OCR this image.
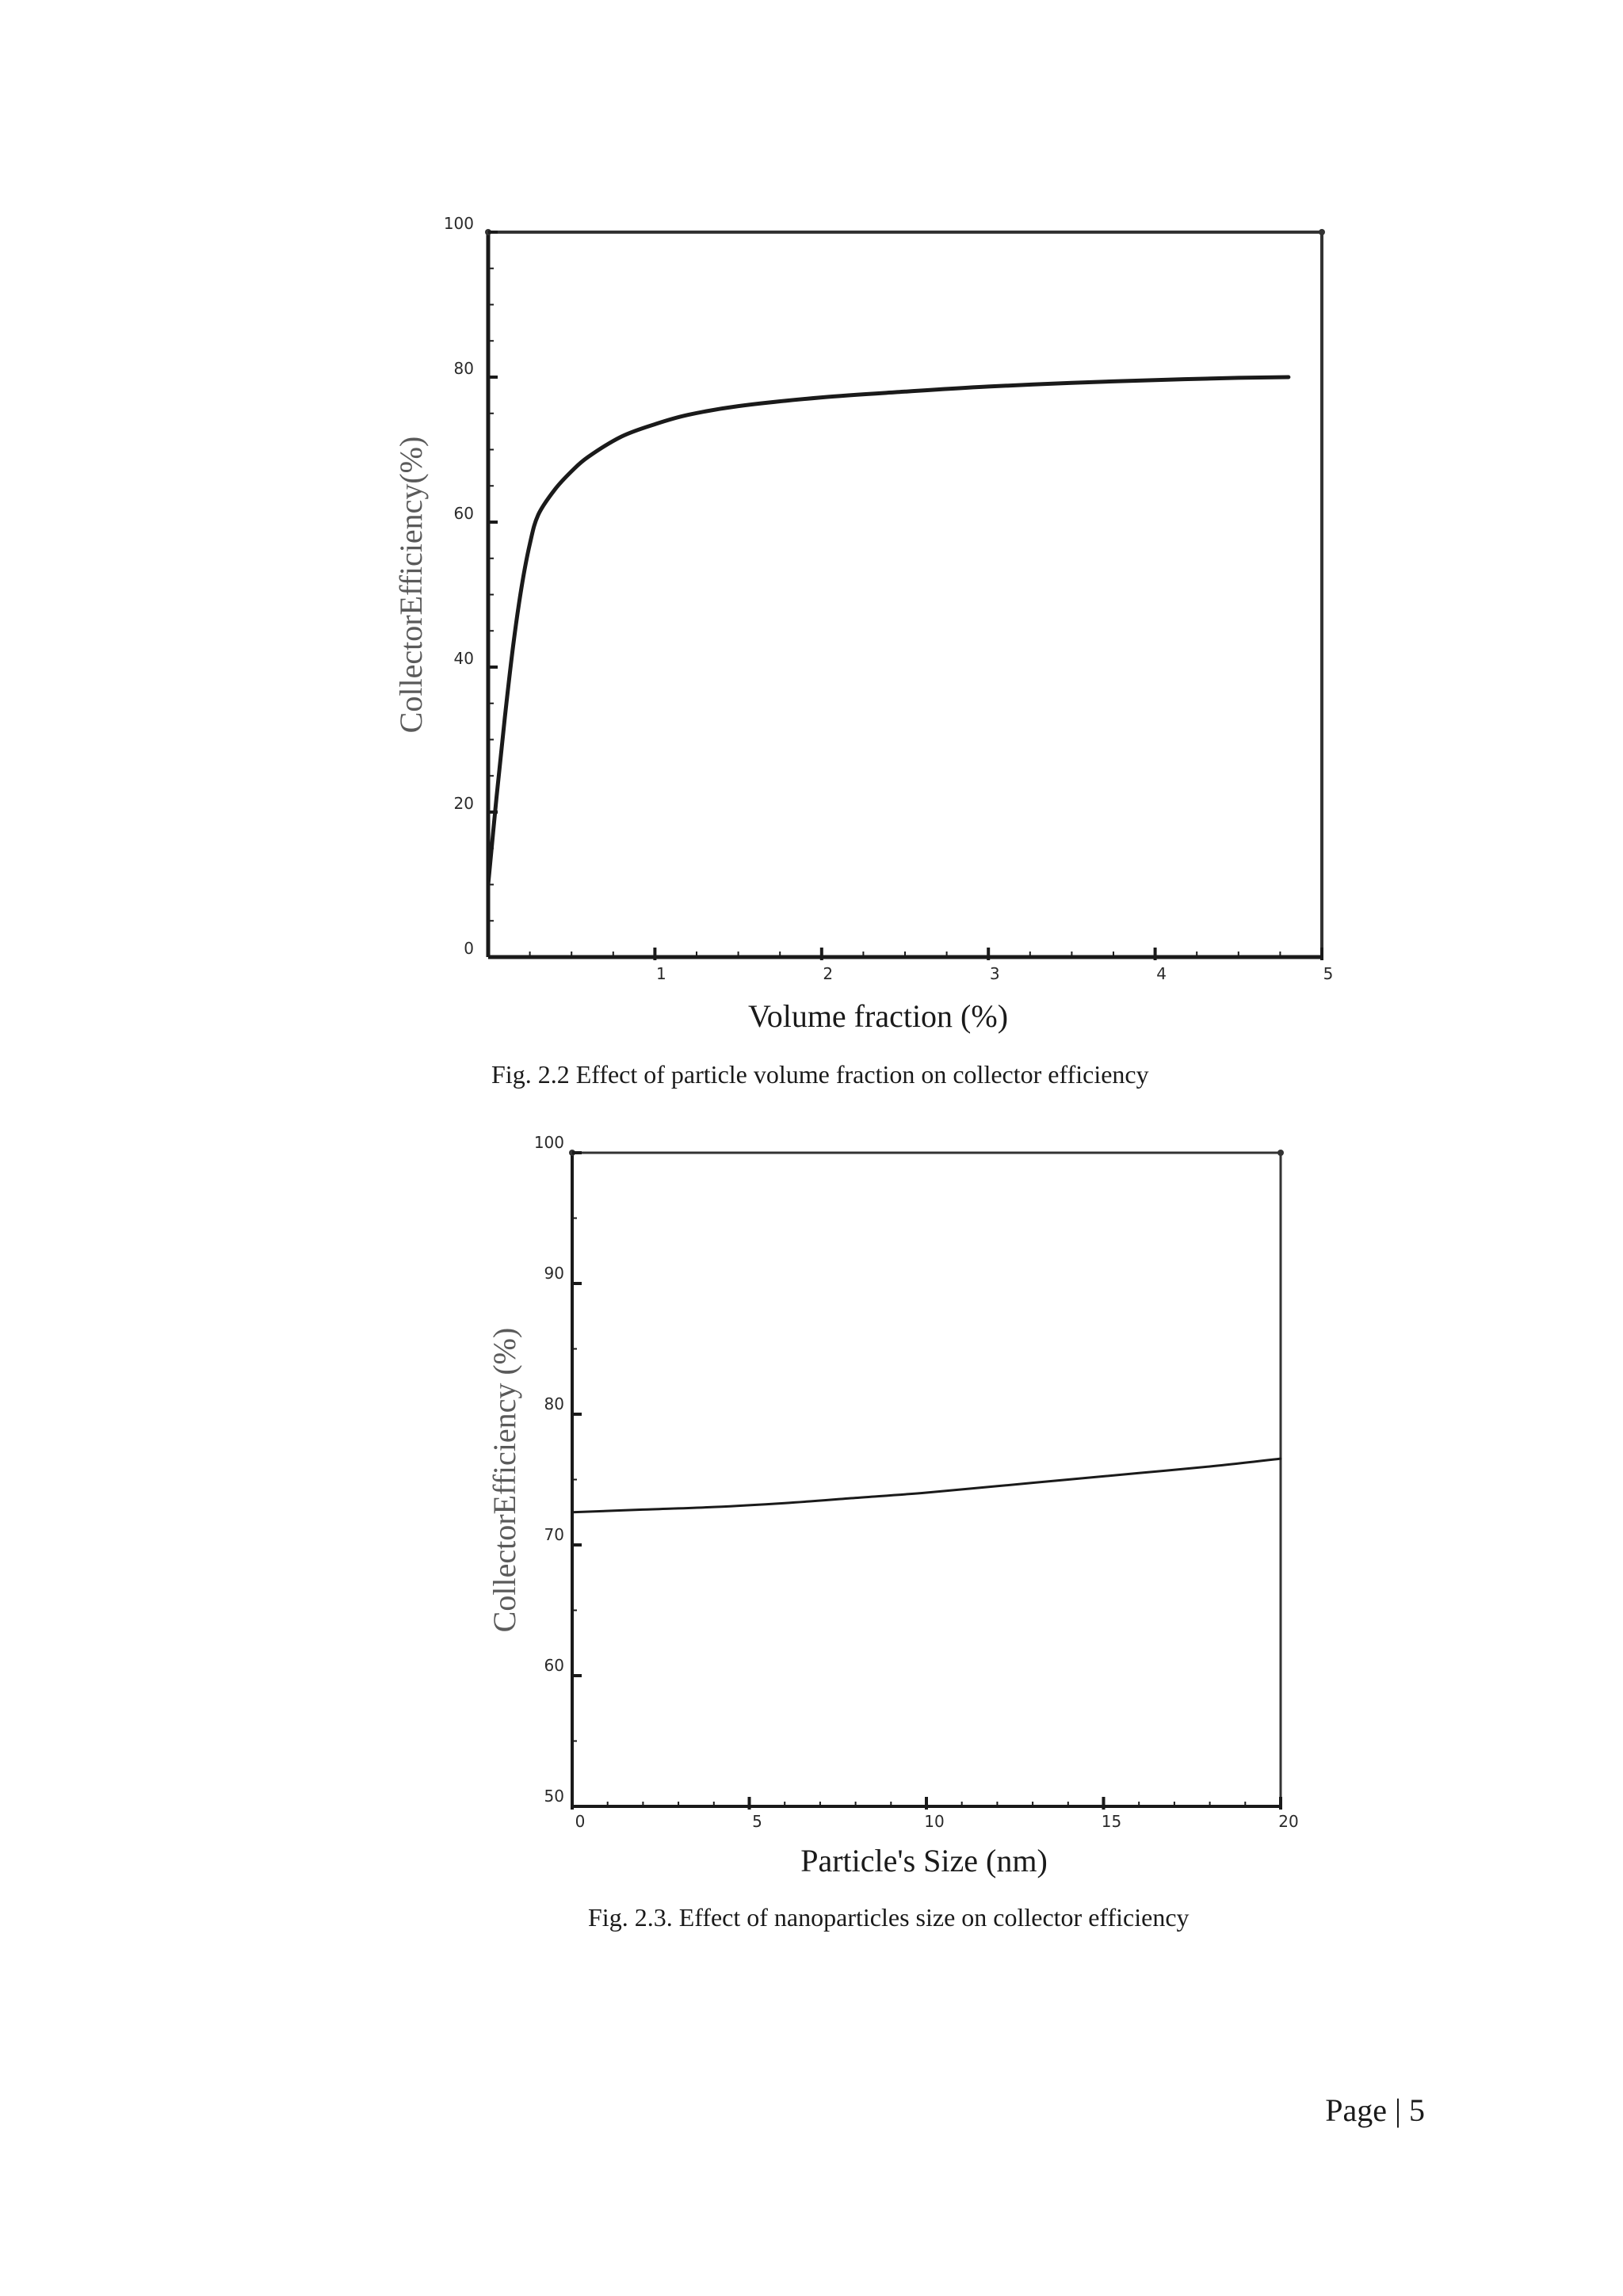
1	2	3	4	5
0
20
40
60
80
100
Volume fraction (%)
CollectorEfficiency(%)
0	5	10	15	20
50
60
70
80
90
100
Particle's Size (nm)
CollectorEfficiency (%)
Fig. 2.2 Effect of particle volume fraction on collector efficiency
Fig. 2.3. Effect of nanoparticles size on collector efficiency
Page | 5
